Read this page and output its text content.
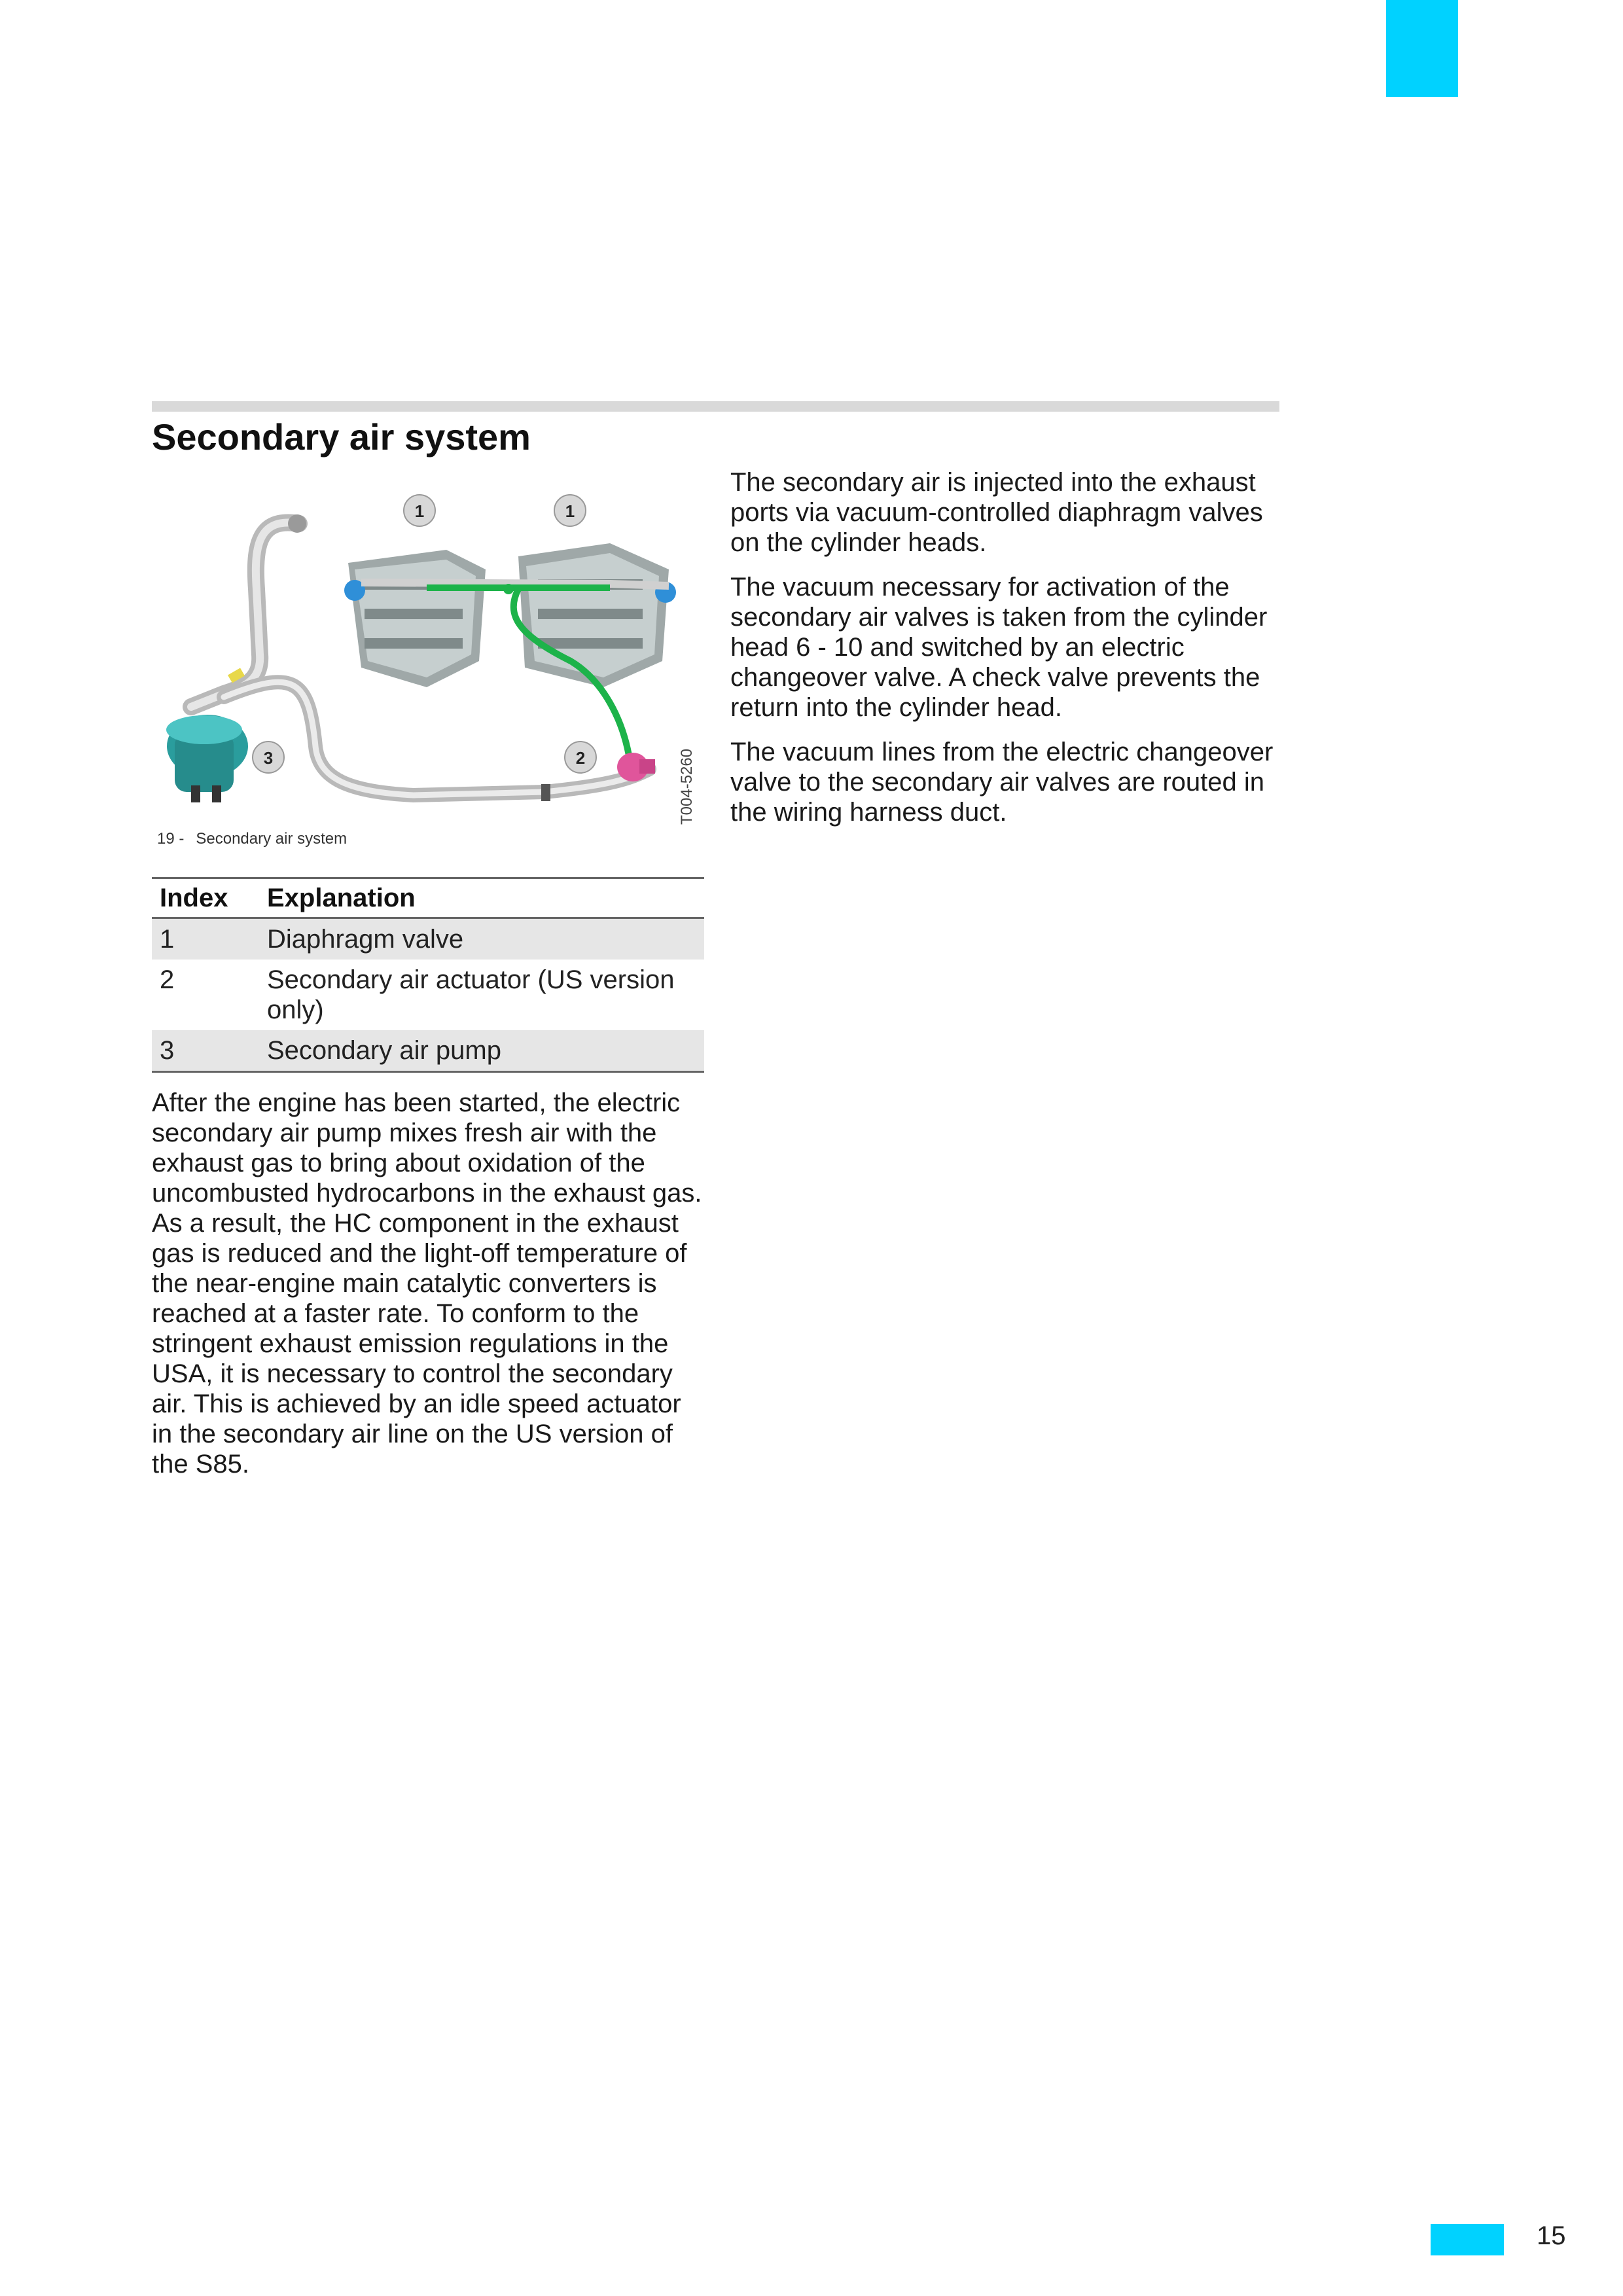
Secondary air system
1	1
2
3	T004-5260
19 - Secondary air system
Index	Explanation
1	Diaphragm valve
2	Secondary air actuator (US version only)
3	Secondary air pump

After the engine has been started, the electric secondary air pump mixes fresh air with the exhaust gas to bring about oxidation of the uncombusted hydrocarbons in the exhaust gas. As a result, the HC component in the exhaust gas is reduced and the light-off temperature of the near-engine main catalytic converters is reached at a faster rate. To conform to the stringent exhaust emission regulations in the USA, it is necessary to control the secondary air. This is achieved by an idle speed actuator in the secondary air line on the US version of the S85.

The secondary air is injected into the exhaust ports via vacuum-controlled diaphragm valves on the cylinder heads.

The vacuum necessary for activation of the secondary air valves is taken from the cylinder head 6 - 10 and switched by an electric changeover valve. A check valve prevents the return into the cylinder head.

The vacuum lines from the electric changeover valve to the secondary air valves are routed in the wiring harness duct.

15
